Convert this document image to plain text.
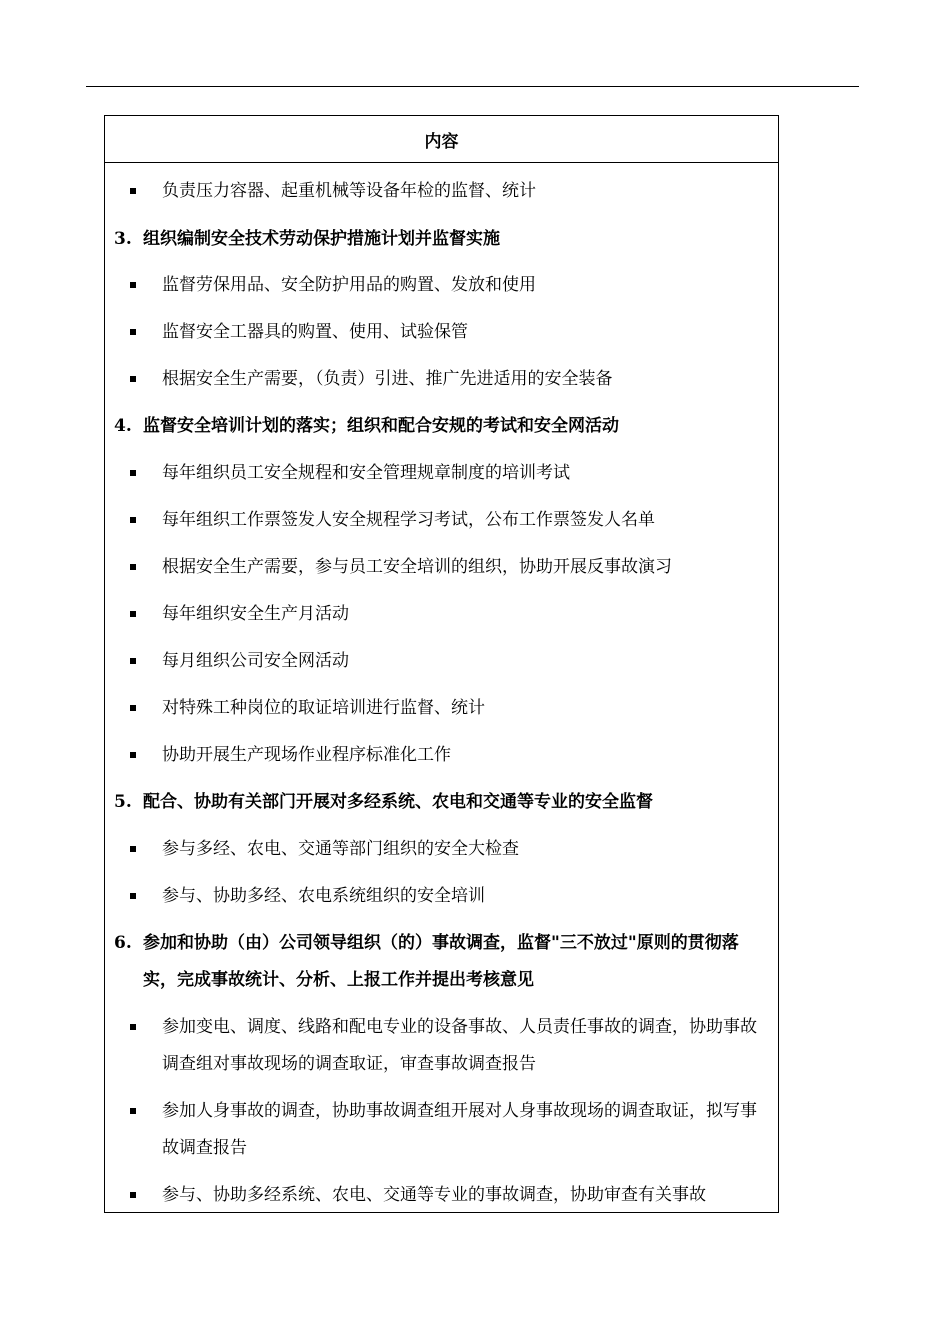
内容
负责压力容器、起重机械等设备年检的监督、统计
3. 组织编制安全技术劳动保护措施计划并监督实施
监督劳保用品、安全防护用品的购置、发放和使用
监督安全工器具的购置、使用、试验保管
根据安全生产需要，（负责）引进、推广先进适用的安全装备
4. 监督安全培训计划的落实；组织和配合安规的考试和安全网活动
每年组织员工安全规程和安全管理规章制度的培训考试
每年组织工作票签发人安全规程学习考试，公布工作票签发人名单
根据安全生产需要，参与员工安全培训的组织，协助开展反事故演习
每年组织安全生产月活动
每月组织公司安全网活动
对特殊工种岗位的取证培训进行监督、统计
协助开展生产现场作业程序标准化工作
5. 配合、协助有关部门开展对多经系统、农电和交通等专业的安全监督
参与多经、农电、交通等部门组织的安全大检查
参与、协助多经、农电系统组织的安全培训
6. 参加和协助（由）公司领导组织（的）事故调查，监督"三不放过"原则的贯彻落实，完成事故统计、分析、上报工作并提出考核意见
参加变电、调度、线路和配电专业的设备事故、人员责任事故的调查，协助事故调查组对事故现场的调查取证，审查事故调查报告
参加人身事故的调查，协助事故调查组开展对人身事故现场的调查取证，拟写事故调查报告
参与、协助多经系统、农电、交通等专业的事故调查，协助审查有关事故
